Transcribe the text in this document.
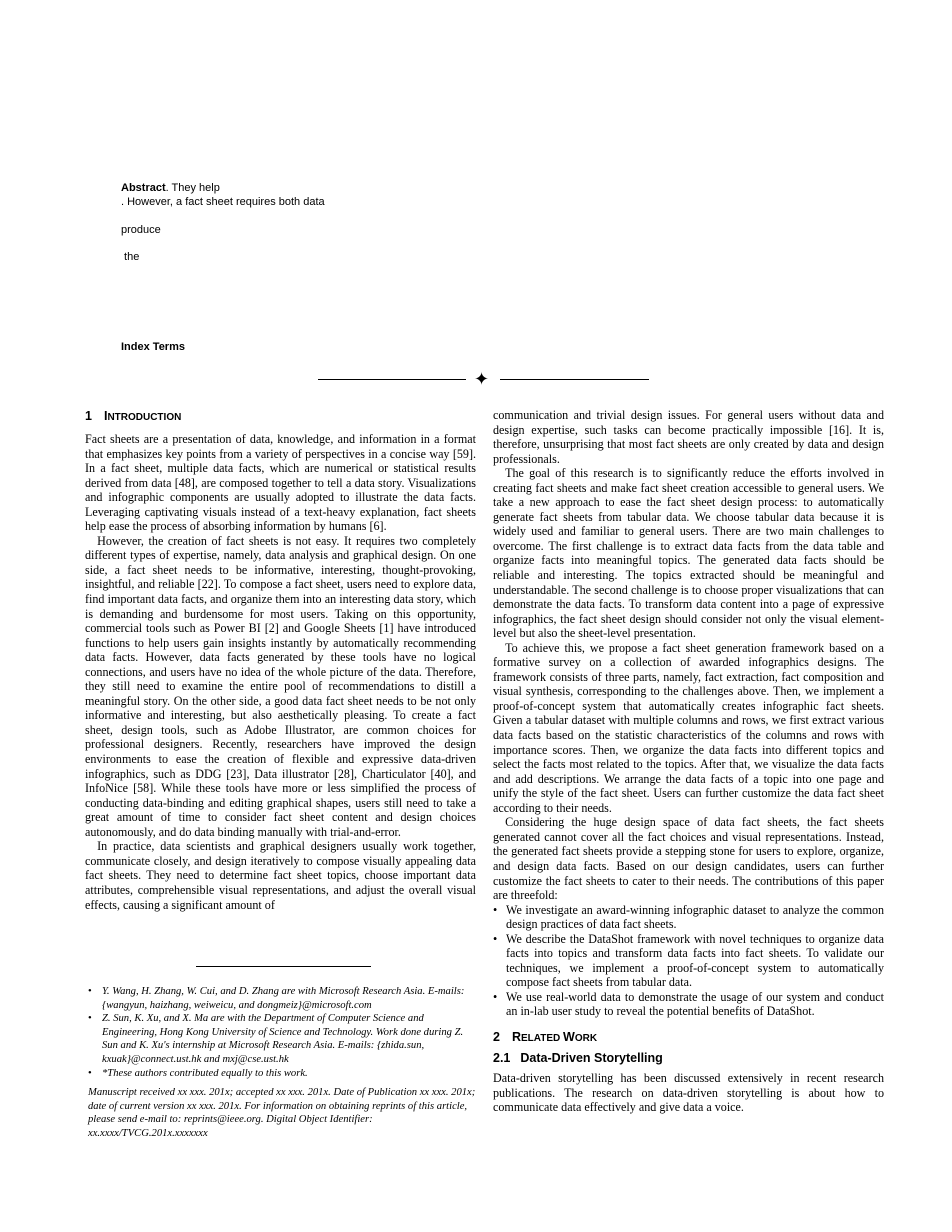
Abstract. They help
. However, a fact sheet requires both data
produce
the
Index Terms
✦
1 INTRODUCTION

Fact sheets are a presentation of data, knowledge, and information in a format that emphasizes key points from a variety of perspectives in a concise way [59]. In a fact sheet, multiple data facts, which are numerical or statistical results derived from data [48], are composed together to tell a data story. Visualizations and infographic components are usually adopted to illustrate the data facts. Leveraging captivating visuals instead of a text-heavy explanation, fact sheets help ease the process of absorbing information by humans [6].

However, the creation of fact sheets is not easy. It requires two completely different types of expertise, namely, data analysis and graphical design. On one side, a fact sheet needs to be informative, interesting, thought-provoking, insightful, and reliable [22]. To compose a fact sheet, users need to explore data, find important data facts, and organize them into an interesting data story, which is demanding and burdensome for most users. Taking on this opportunity, commercial tools such as Power BI [2] and Google Sheets [1] have introduced functions to help users gain insights instantly by automatically recommending data facts. However, data facts generated by these tools have no logical connections, and users have no idea of the whole picture of the data. Therefore, they still need to examine the entire pool of recommendations to distill a meaningful story. On the other side, a good data fact sheet needs to be not only informative and interesting, but also aesthetically pleasing. To create a fact sheet, design tools, such as Adobe Illustrator, are common choices for professional designers. Recently, researchers have improved the design environments to ease the creation of flexible and expressive data-driven infographics, such as DDG [23], Data illustrator [28], Charticulator [40], and InfoNice [58]. While these tools have more or less simplified the process of conducting data-binding and editing graphical shapes, users still need to take a great amount of time to consider fact sheet content and design choices autonomously, and do data binding manually with trial-and-error.

In practice, data scientists and graphical designers usually work together, communicate closely, and design iteratively to compose visually appealing data fact sheets. They need to determine fact sheet topics, choose important data attributes, comprehensible visual representations, and adjust the overall visual effects, causing a significant amount of

• Y. Wang, H. Zhang, W. Cui, and D. Zhang are with Microsoft Research Asia. E-mails: {wangyun, haizhang, weiweicu, and dongmeiz}@microsoft.com
• Z. Sun, K. Xu, and X. Ma are with the Department of Computer Science and Engineering, Hong Kong University of Science and Technology. Work done during Z. Sun and K. Xu's internship at Microsoft Research Asia. E-mails: {zhida.sun, kxuak}@connect.ust.hk and mxj@cse.ust.hk
• *These authors contributed equally to this work.
Manuscript received xx xxx. 201x; accepted xx xxx. 201x. Date of Publication xx xxx. 201x; date of current version xx xxx. 201x. For information on obtaining reprints of this article, please send e-mail to: reprints@ieee.org. Digital Object Identifier: xx.xxxx/TVCG.201x.xxxxxxx

communication and trivial design issues. For general users without data and design expertise, such tasks can become practically impossible [16]. It is, therefore, unsurprising that most fact sheets are only created by data and design professionals.

The goal of this research is to significantly reduce the efforts involved in creating fact sheets and make fact sheet creation accessible to general users. We take a new approach to ease the fact sheet design process: to automatically generate fact sheets from tabular data. We choose tabular data because it is widely used and familiar to general users. There are two main challenges to overcome. The first challenge is to extract data facts from the data table and organize facts into meaningful topics. The generated data facts should be reliable and interesting. The topics extracted should be meaningful and understandable. The second challenge is to choose proper visualizations that can demonstrate the data facts. To transform data content into a page of expressive infographics, the fact sheet design should consider not only the visual element-level but also the sheet-level presentation.

To achieve this, we propose a fact sheet generation framework based on a formative survey on a collection of awarded infographics designs. The framework consists of three parts, namely, fact extraction, fact composition and visual synthesis, corresponding to the challenges above. Then, we implement a proof-of-concept system that automatically creates infographic fact sheets. Given a tabular dataset with multiple columns and rows, we first extract various data facts based on the statistic characteristics of the columns and rows with importance scores. Then, we organize the data facts into different topics and select the facts most related to the topics. After that, we visualize the data facts and add descriptions. We arrange the data facts of a topic into one page and unify the style of the fact sheet. Users can further customize the data fact sheet according to their needs.

Considering the huge design space of data fact sheets, the fact sheets generated cannot cover all the fact choices and visual representations. Instead, the generated fact sheets provide a stepping stone for users to explore, organize, and design data facts. Based on our design candidates, users can further customize the fact sheets to cater to their needs. The contributions of this paper are threefold:

• We investigate an award-winning infographic dataset to analyze the common design practices of data fact sheets.
• We describe the DataShot framework with novel techniques to organize data facts into topics and transform data facts into fact sheets. To validate our techniques, we implement a proof-of-concept system to automatically compose fact sheets from tabular data.
• We use real-world data to demonstrate the usage of our system and conduct an in-lab user study to reveal the potential benefits of DataShot.
2 RELATED WORK
2.1 Data-Driven Storytelling

Data-driven storytelling has been discussed extensively in recent research publications. The research on data-driven storytelling is about how to communicate data effectively and give data a voice.
